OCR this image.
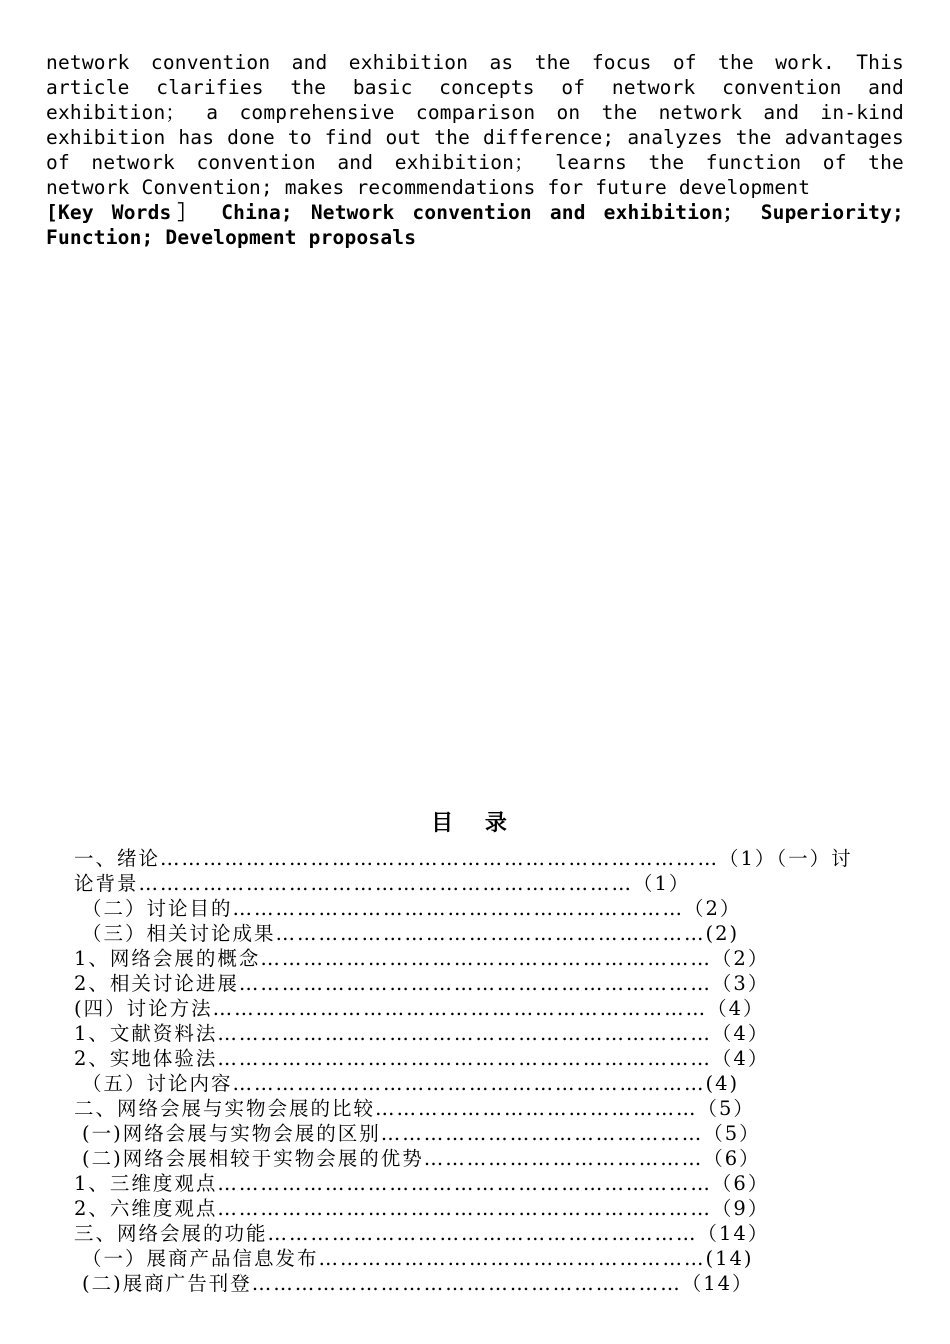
network convention and exhibition as the focus of the work. This
article clarifies the basic concepts of network convention and
exhibition； a comprehensive comparison on the network and in-kind
exhibition has done to find out the difference; analyzes the advantages
of network convention and exhibition； learns the function of the
network Convention; makes recommendations for future development
[Key Words］ China; Network convention and exhibition； Superiority;
Function; Development proposals
目 录
一、绪论……………………………………………………………………（1）（一）讨
论背景……………………………………………………………（1）
（二）讨论目的………………………………………………………（2）
（三）相关讨论成果……………………………………………………(2)
1、网络会展的概念………………………………………………………（2）
2、相关讨论进展…………………………………………………………（3）
(四）讨论方法……………………………………………………………（4）
1、文献资料法……………………………………………………………（4）
2、实地体验法……………………………………………………………（4）
（五）讨论内容…………………………………………………………(4)
二、网络会展与实物会展的比较………………………………………（5）
(一)网络会展与实物会展的区别………………………………………（5）
(二)网络会展相较于实物会展的优势…………………………………（6）
1、三维度观点……………………………………………………………（6）
2、六维度观点……………………………………………………………（9）
三、网络会展的功能……………………………………………………（14）
（一）展商产品信息发布………………………………………………(14)
(二)展商广告刊登……………………………………………………（14）
